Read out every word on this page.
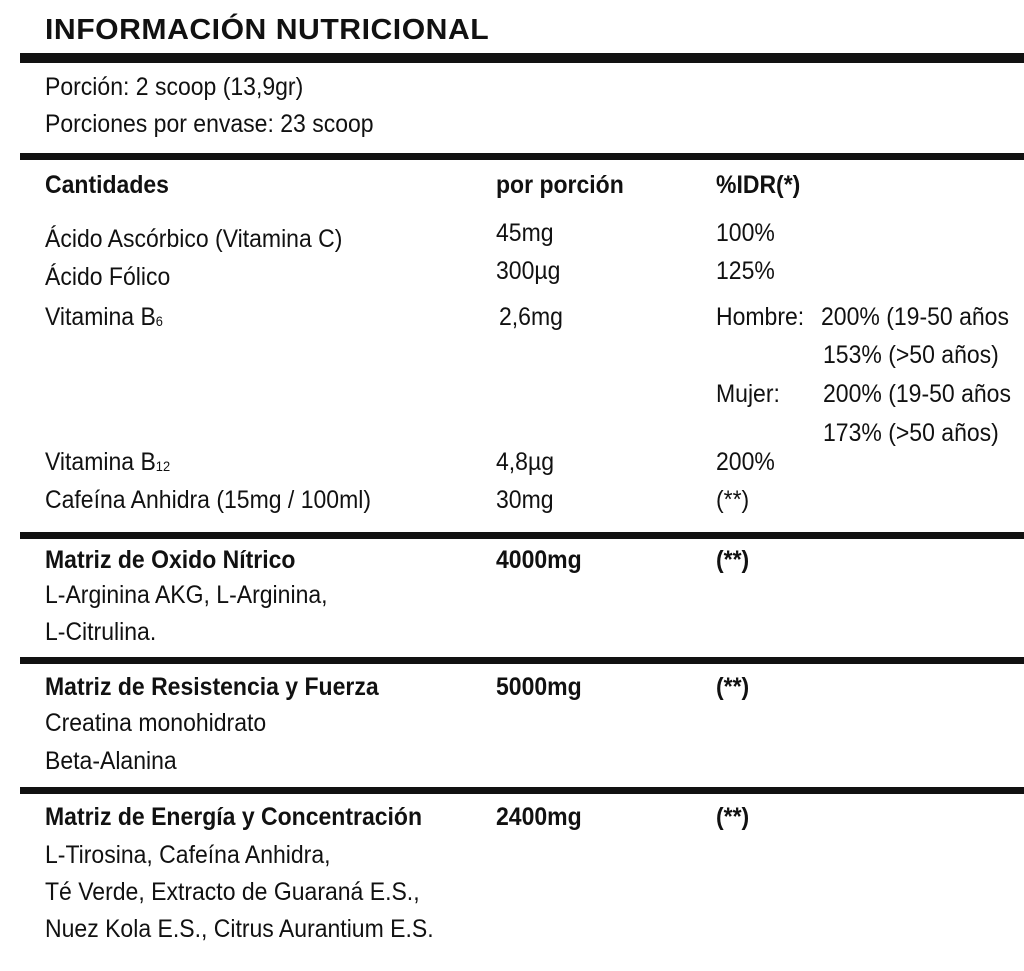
INFORMACIÓN NUTRICIONAL
Porción: 2 scoop (13,9gr)
Porciones por envase: 23 scoop
Cantidades	por porción	%IDR(*)
Ácido Ascórbico (Vitamina C)	45mg	100%
Ácido Fólico	300µg	125%
Vitamina $B_6$	2,6mg	Hombre: 200% (19-50 años
153% (>50 años)
Mujer: 200% (19-50 años
173% (>50 años)
Vitamina $B_{12}$	4,8µg	200%
Cafeína Anhidra (15mg / 100ml)	30mg	(**)
Matriz de Oxido Nítrico	4000mg	(**)
L-Arginina AKG, L-Arginina,
L-Citrulina.
Matriz de Resistencia y Fuerza	5000mg	(**)
Creatina monohidrato
Beta-Alanina
Matriz de Energía y Concentración	2400mg	(**)
L-Tirosina, Cafeína Anhidra,
Té Verde, Extracto de Guaraná E.S.,
Nuez Kola E.S., Citrus Aurantium E.S.
